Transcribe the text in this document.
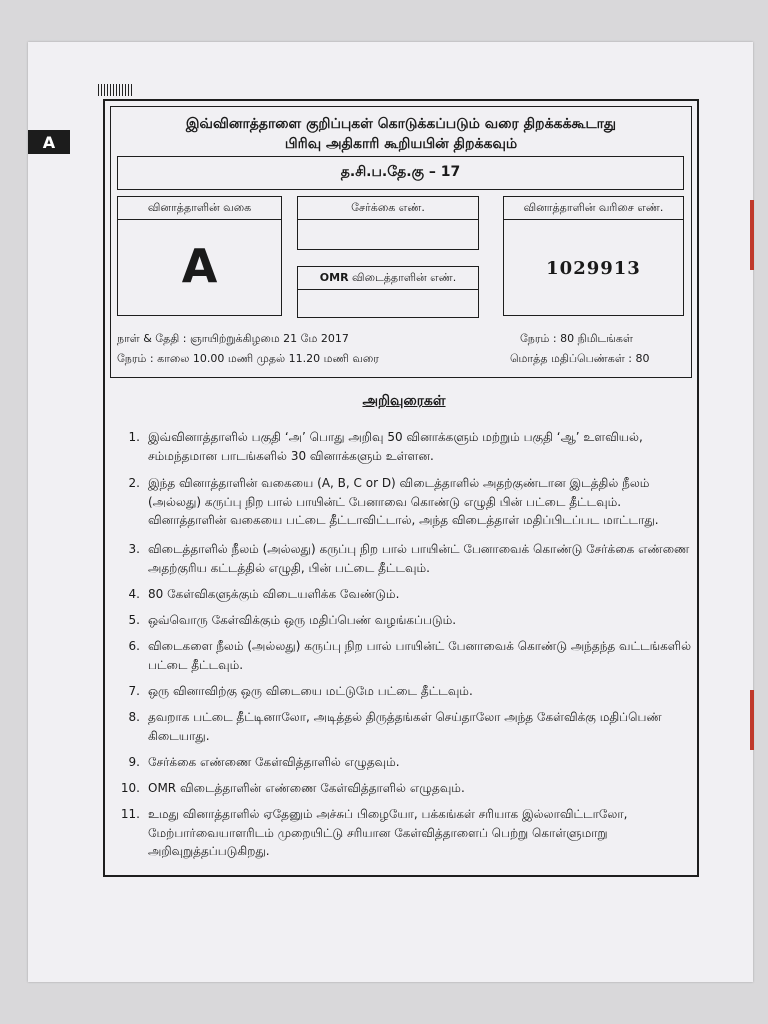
A
இவ்வினாத்தாளை குறிப்புகள் கொடுக்கப்படும் வரை திறக்கக்கூடாது
பிரிவு அதிகாரி கூறியபின் திறக்கவும்
த.சி.ப.தே.கு – 17
வினாத்தாளின் வகை
A
சேர்க்கை எண்.
OMR விடைத்தாளின் எண்.
வினாத்தாளின் வரிசை எண்.
1029913
நாள் & தேதி : ஞாயிற்றுக்கிழமை 21 மே 2017	நேரம் : 80 நிமிடங்கள்
நேரம் : காலை 10.00 மணி முதல் 11.20 மணி வரை	மொத்த மதிப்பெண்கள் : 80
அறிவுரைகள்
1. இவ்வினாத்தாளில் பகுதி ‘அ’ பொது அறிவு 50 வினாக்களும் மற்றும் பகுதி ‘ஆ’ உளவியல், சம்மந்தமான பாடங்களில் 30 வினாக்களும் உள்ளன.
2. இந்த வினாத்தாளின் வகையை (A, B, C or D) விடைத்தாளில் அதற்குண்டான இடத்தில் நீலம் (அல்லது) கருப்பு நிற பால் பாயின்ட் பேனாவை கொண்டு எழுதி பின் பட்டை தீட்டவும். வினாத்தாளின் வகையை பட்டை தீட்டாவிட்டால், அந்த விடைத்தாள் மதிப்பிடப்பட மாட்டாது.
3. விடைத்தாளில் நீலம் (அல்லது) கருப்பு நிற பால் பாயின்ட் பேனாவைக் கொண்டு சேர்க்கை எண்ணை அதற்குரிய கட்டத்தில் எழுதி, பின் பட்டை தீட்டவும்.
4. 80 கேள்விகளுக்கும் விடையளிக்க வேண்டும்.
5. ஒவ்வொரு கேள்விக்கும் ஒரு மதிப்பெண் வழங்கப்படும்.
6. விடைகளை நீலம் (அல்லது) கருப்பு நிற பால் பாயின்ட் பேனாவைக் கொண்டு அந்தந்த வட்டங்களில் பட்டை தீட்டவும்.
7. ஒரு வினாவிற்கு ஒரு விடையை மட்டுமே பட்டை தீட்டவும்.
8. தவறாக பட்டை தீட்டினாலோ, அடித்தல் திருத்தங்கள் செய்தாலோ அந்த கேள்விக்கு மதிப்பெண் கிடையாது.
9. சேர்க்கை எண்ணை கேள்வித்தாளில் எழுதவும்.
10. OMR விடைத்தாளின் எண்ணை கேள்வித்தாளில் எழுதவும்.
11. உமது வினாத்தாளில் ஏதேனும் அச்சுப் பிழையோ, பக்கங்கள் சரியாக இல்லாவிட்டாலோ, மேற்பார்வையாளரிடம் முறையிட்டு சரியான கேள்வித்தாளைப் பெற்று கொள்ளுமாறு அறிவுறுத்தப்படுகிறது.
